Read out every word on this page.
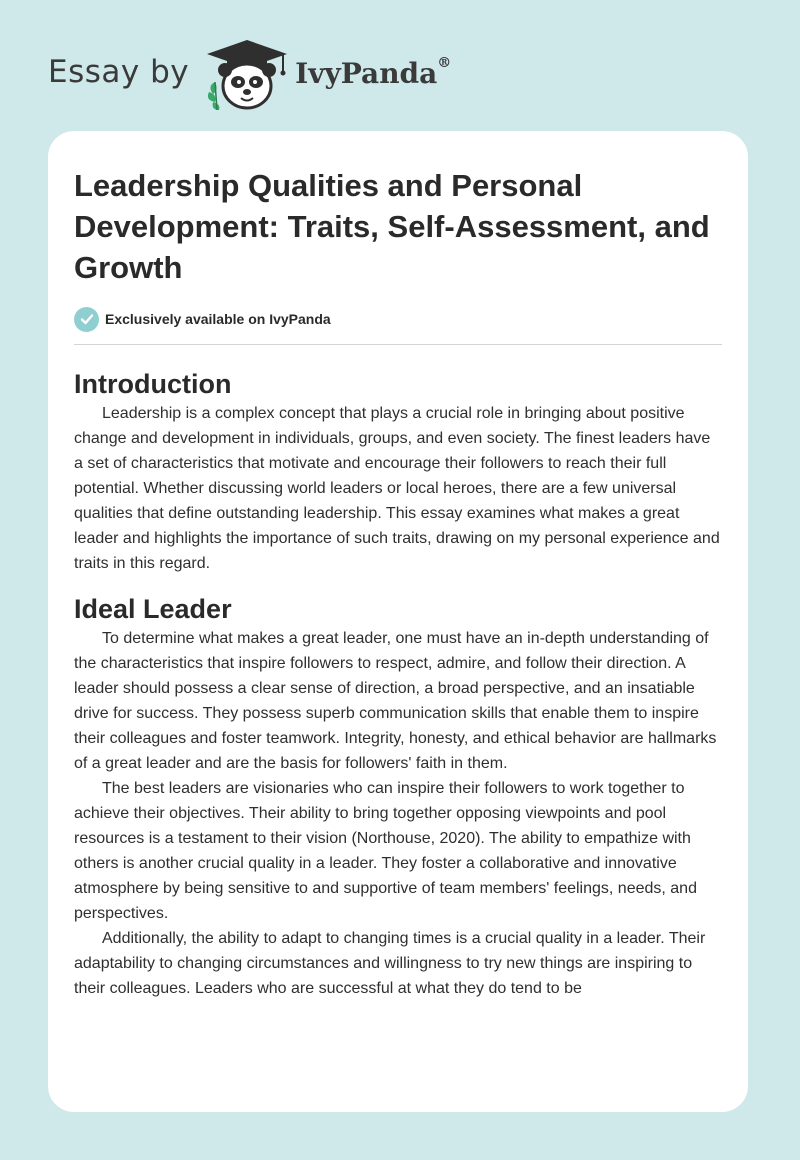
Essay by	IvyPanda®
Leadership Qualities and Personal Development: Traits, Self-Assessment, and Growth
Exclusively available on IvyPanda
Introduction

Leadership is a complex concept that plays a crucial role in bringing about positive change and development in individuals, groups, and even society. The finest leaders have a set of characteristics that motivate and encourage their followers to reach their full potential. Whether discussing world leaders or local heroes, there are a few universal qualities that define outstanding leadership. This essay examines what makes a great leader and highlights the importance of such traits, drawing on my personal experience and traits in this regard.

Ideal Leader

To determine what makes a great leader, one must have an in-depth understanding of the characteristics that inspire followers to respect, admire, and follow their direction. A leader should possess a clear sense of direction, a broad perspective, and an insatiable drive for success. They possess superb communication skills that enable them to inspire their colleagues and foster teamwork. Integrity, honesty, and ethical behavior are hallmarks of a great leader and are the basis for followers' faith in them.

The best leaders are visionaries who can inspire their followers to work together to achieve their objectives. Their ability to bring together opposing viewpoints and pool resources is a testament to their vision (Northouse, 2020). The ability to empathize with others is another crucial quality in a leader. They foster a collaborative and innovative atmosphere by being sensitive to and supportive of team members' feelings, needs, and perspectives.

Additionally, the ability to adapt to changing times is a crucial quality in a leader. Their adaptability to changing circumstances and willingness to try new things are inspiring to their colleagues. Leaders who are successful at what they do tend to be
